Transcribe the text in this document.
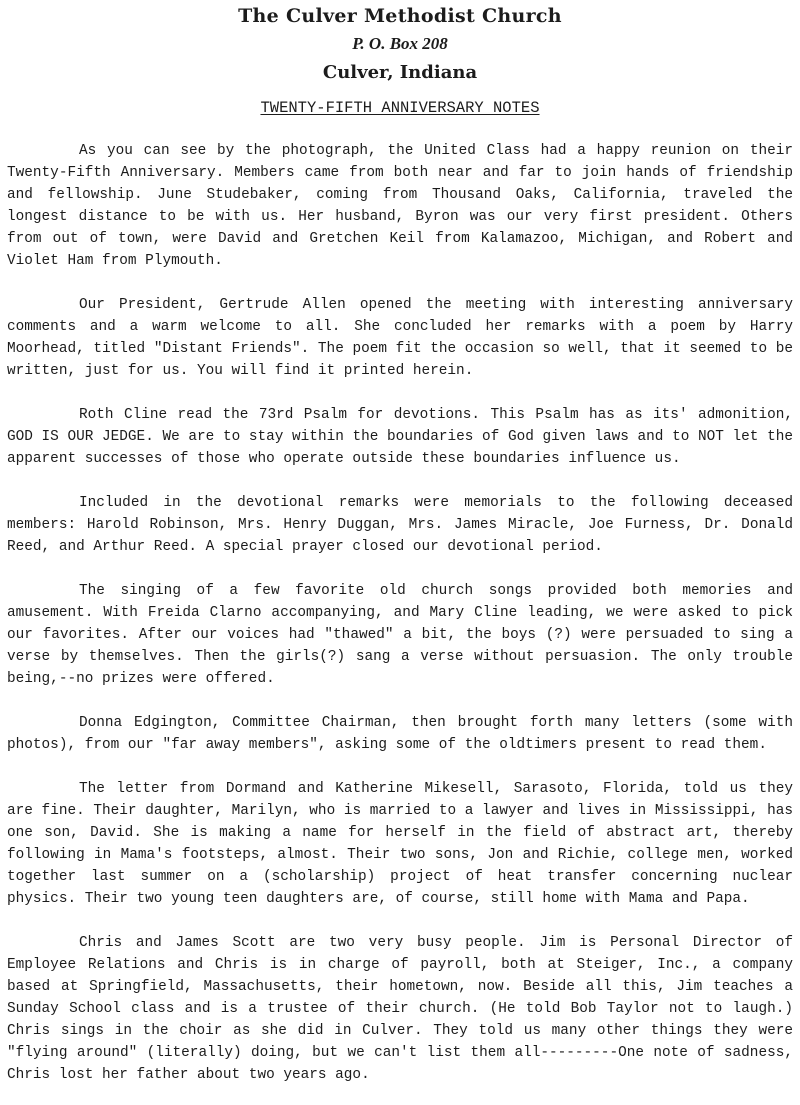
The Culver Methodist Church
P. O. Box 208
Culver, Indiana
TWENTY-FIFTH ANNIVERSARY NOTES

As you can see by the photograph, the United Class had a happy reunion on their Twenty-Fifth Anniversary. Members came from both near and far to join hands of friendship and fellowship. June Studebaker, coming from Thousand Oaks, California, traveled the longest distance to be with us. Her husband, Byron was our very first president. Others from out of town, were David and Gretchen Keil from Kalamazoo, Michigan, and Robert and Violet Ham from Plymouth.

Our President, Gertrude Allen opened the meeting with interesting anniversary comments and a warm welcome to all. She concluded her remarks with a poem by Harry Moorhead, titled "Distant Friends". The poem fit the occasion so well, that it seemed to be written, just for us. You will find it printed herein.

Roth Cline read the 73rd Psalm for devotions. This Psalm has as its' admonition, GOD IS OUR JEDGE. We are to stay within the boundaries of God given laws and to NOT let the apparent successes of those who operate outside these boundaries influence us.

Included in the devotional remarks were memorials to the following deceased members: Harold Robinson, Mrs. Henry Duggan, Mrs. James Miracle, Joe Furness, Dr. Donald Reed, and Arthur Reed. A special prayer closed our devotional period.

The singing of a few favorite old church songs provided both memories and amusement. With Freida Clarno accompanying, and Mary Cline leading, we were asked to pick our favorites. After our voices had "thawed" a bit, the boys (?) were persuaded to sing a verse by themselves. Then the girls(?) sang a verse without persuasion. The only trouble being,--no prizes were offered.

Donna Edgington, Committee Chairman, then brought forth many letters (some with photos), from our "far away members", asking some of the oldtimers present to read them.

The letter from Dormand and Katherine Mikesell, Sarasoto, Florida, told us they are fine. Their daughter, Marilyn, who is married to a lawyer and lives in Mississippi, has one son, David. She is making a name for herself in the field of abstract art, thereby following in Mama's footsteps, almost. Their two sons, Jon and Richie, college men, worked together last summer on a (scholarship) project of heat transfer concerning nuclear physics. Their two young teen daughters are, of course, still home with Mama and Papa.

Chris and James Scott are two very busy people. Jim is Personal Director of Employee Relations and Chris is in charge of payroll, both at Steiger, Inc., a company based at Springfield, Massachusetts, their hometown, now. Beside all this, Jim teaches a Sunday School class and is a trustee of their church. (He told Bob Taylor not to laugh.) Chris sings in the choir as she did in Culver. They told us many other things they were "flying around" (literally) doing, but we can't list them all---------One note of sadness, Chris lost her father about two years ago.
